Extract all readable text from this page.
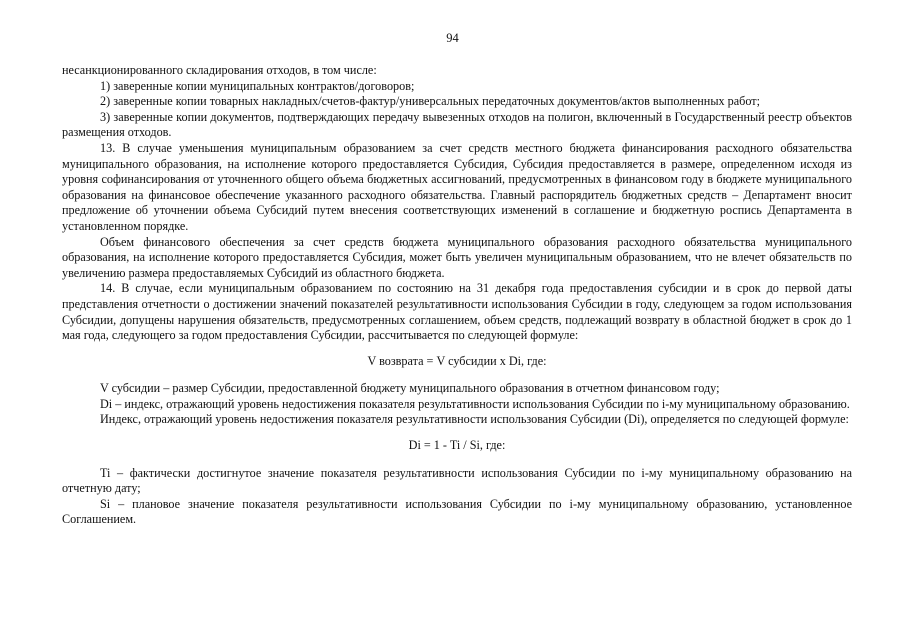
94

несанкционированного складирования отходов, в том числе:

1) заверенные копии муниципальных контрактов/договоров;

2) заверенные копии товарных накладных/счетов-фактур/универсальных передаточных документов/актов выполненных работ;

3) заверенные копии документов, подтверждающих передачу вывезенных отходов на полигон, включенный в Государственный реестр объектов размещения отходов.

13. В случае уменьшения муниципальным образованием за счет средств местного бюджета финансирования расходного обязательства муниципального образования, на исполнение которого предоставляется Субсидия, Субсидия предоставляется в размере, определенном исходя из уровня софинансирования от уточненного общего объема бюджетных ассигнований, предусмотренных в финансовом году в бюджете муниципального образования на финансовое обеспечение указанного расходного обязательства. Главный распорядитель бюджетных средств – Департамент вносит предложение об уточнении объема Субсидий путем внесения соответствующих изменений в соглашение и бюджетную роспись Департамента в установленном порядке.

Объем финансового обеспечения за счет средств бюджета муниципального образования расходного обязательства муниципального образования, на исполнение которого предоставляется Субсидия, может быть увеличен муниципальным образованием, что не влечет обязательств по увеличению размера предоставляемых Субсидий из областного бюджета.

14. В случае, если муниципальным образованием по состоянию на 31 декабря года предоставления субсидии и в срок до первой даты представления отчетности о достижении значений показателей результативности использования Субсидии в году, следующем за годом использования Субсидии, допущены нарушения обязательств, предусмотренных соглашением, объем средств, подлежащий возврату в областной бюджет в срок до 1 мая года, следующего за годом предоставления Субсидии, рассчитывается по следующей формуле:

V возврата = V субсидии x Di, где:

V субсидии – размер Субсидии, предоставленной бюджету муниципального образования в отчетном финансовом году;

Di – индекс, отражающий уровень недостижения показателя результативности использования Субсидии по i-му муниципальному образованию.

Индекс, отражающий уровень недостижения показателя результативности использования Субсидии (Di), определяется по следующей формуле:

Di = 1 - Ti / Si, где:

Ti – фактически достигнутое значение показателя результативности использования Субсидии по i-му муниципальному образованию на отчетную дату;

Si – плановое значение показателя результативности использования Субсидии по i-му муниципальному образованию, установленное Соглашением.
